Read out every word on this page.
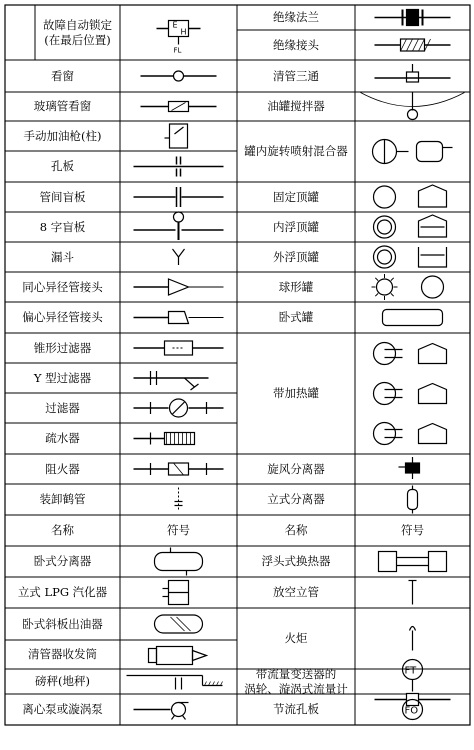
E
H
FL
FT
FO
故障自动锁定
(在最后位置)
看窗
玻璃管看窗
手动加油枪(柱)
孔板
管间盲板
8 字盲板
漏斗
同心异径管接头
偏心异径管接头
锥形过滤器
Y 型过滤器
过滤器
疏水器
阻火器
装卸鹤管
名称	符号
卧式分离器
立式 LPG 汽化器
卧式斜板出油器
清管器收发筒
磅秤(地秤)
离心泵或漩涡泵
绝缘法兰
绝缘接头
清管三通
油罐搅拌器
罐内旋转喷射混合器
固定顶罐
内浮顶罐
外浮顶罐
球形罐
卧式罐
带加热罐
旋风分离器
立式分离器
名称	符号
浮头式换热器
放空立管
火炬
带流量变送器的
涡轮、漩涡式流量计
节流孔板
